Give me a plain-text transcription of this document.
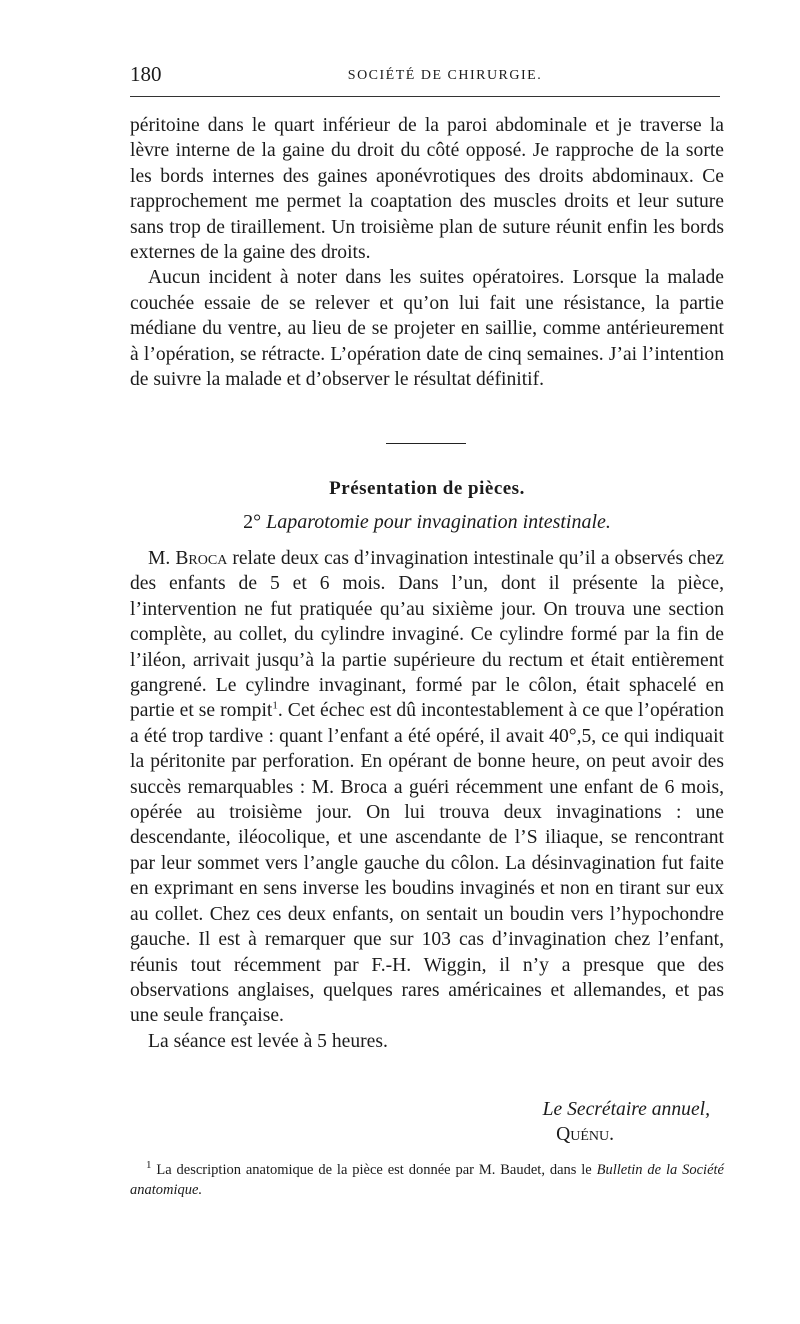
180	SOCIÉTÉ DE CHIRURGIE.

péritoine dans le quart inférieur de la paroi abdominale et je traverse la lèvre interne de la gaine du droit du côté opposé. Je rapproche de la sorte les bords internes des gaines aponévrotiques des droits abdominaux. Ce rapprochement me permet la coaptation des muscles droits et leur suture sans trop de tiraillement. Un troisième plan de suture réunit enfin les bords externes de la gaine des droits.

Aucun incident à noter dans les suites opératoires. Lorsque la malade couchée essaie de se relever et qu’on lui fait une résistance, la partie médiane du ventre, au lieu de se projeter en saillie, comme antérieurement à l’opération, se rétracte. L’opération date de cinq semaines. J’ai l’intention de suivre la malade et d’observer le résultat définitif.

Présentation de pièces.
2° Laparotomie pour invagination intestinale.

M. Broca relate deux cas d’invagination intestinale qu’il a observés chez des enfants de 5 et 6 mois. Dans l’un, dont il présente la pièce, l’intervention ne fut pratiquée qu’au sixième jour. On trouva une section complète, au collet, du cylindre invaginé. Ce cylindre formé par la fin de l’iléon, arrivait jusqu’à la partie supérieure du rectum et était entièrement gangrené. Le cylindre invaginant, formé par le côlon, était sphacelé en partie et se rompit$^1$. Cet échec est dû incontestablement à ce que l’opération a été trop tardive : quant l’enfant a été opéré, il avait 40°,5, ce qui indiquait la péritonite par perforation. En opérant de bonne heure, on peut avoir des succès remarquables : M. Broca a guéri récemment une enfant de 6 mois, opérée au troisième jour. On lui trouva deux invaginations : une descendante, iléocolique, et une ascendante de l’S iliaque, se rencontrant par leur sommet vers l’angle gauche du côlon. La désinvagination fut faite en exprimant en sens inverse les boudins invaginés et non en tirant sur eux au collet. Chez ces deux enfants, on sentait un boudin vers l’hypochondre gauche. Il est à remarquer que sur 103 cas d’invagination chez l’enfant, réunis tout récemment par F.-H. Wiggin, il n’y a presque que des observations anglaises, quelques rares américaines et allemandes, et pas une seule française.

La séance est levée à 5 heures.

Le Secrétaire annuel,
Quénu.

$^1$ La description anatomique de la pièce est donnée par M. Baudet, dans le Bulletin de la Société anatomique.
